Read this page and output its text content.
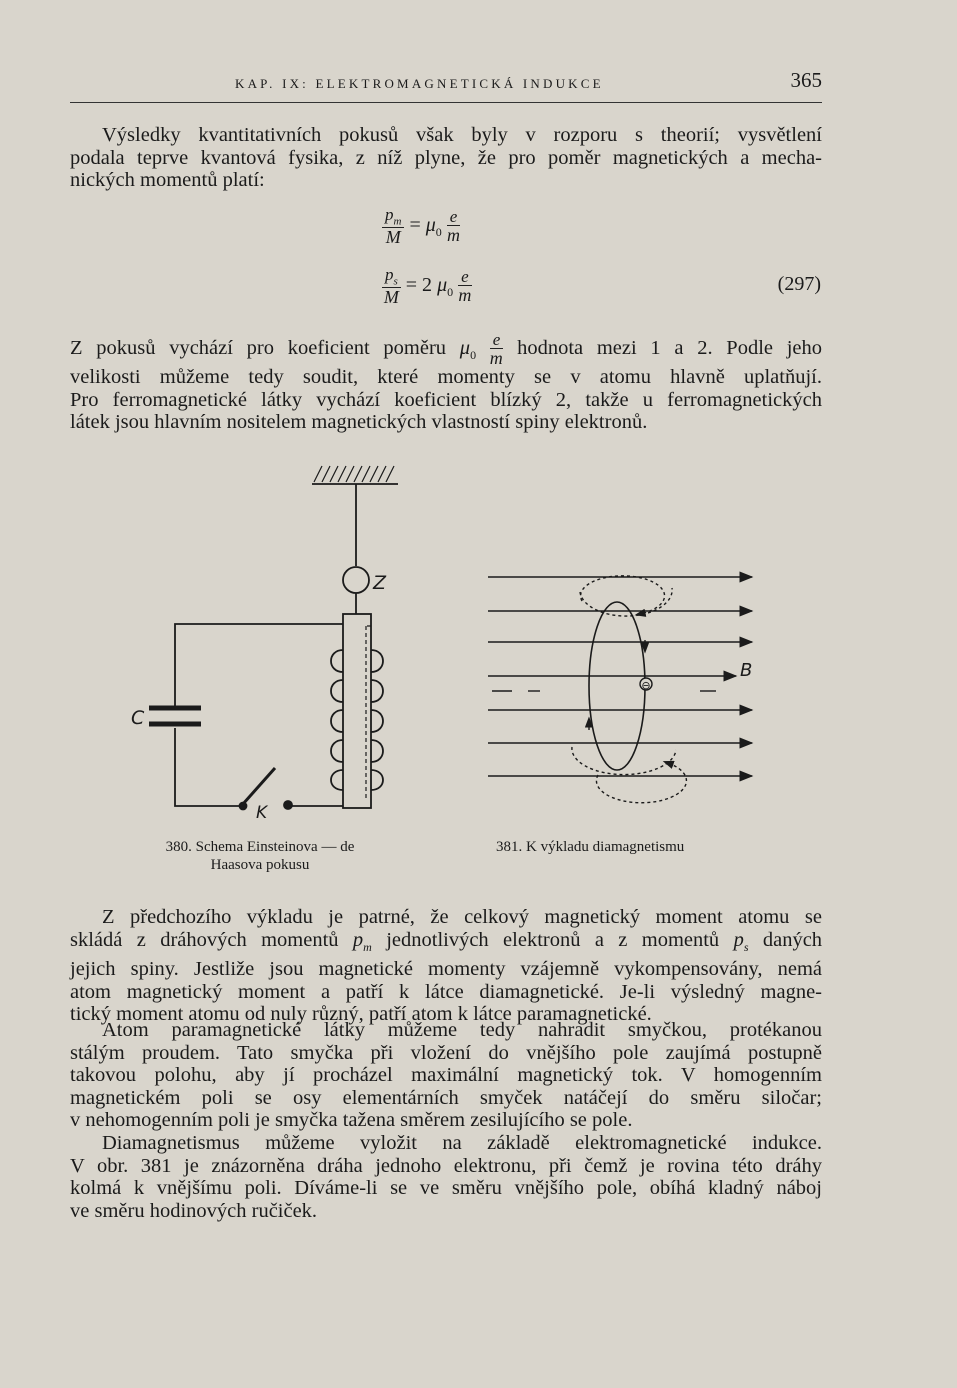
KAP. IX: ELEKTROMAGNETICKÁ INDUKCE	365
Výsledky kvantitativních pokusů však byly v rozporu s theorií; vysvětlení
podala teprve kvantová fysika, z níž plyne, že pro poměr magnetických a mecha-
nických momentů platí:
$\frac{p_m}{M} = \mu_0 \frac{e}{m}$
$\frac{p_s}{M} = 2$ $\mu_0 \frac{e}{m}$	(297)
Z pokusů vychází pro koeficient poměru $\mu_0 \frac{e}{m}$ hodnota mezi 1 a 2. Podle jeho
velikosti můžeme tedy soudit, které momenty se v atomu hlavně uplatňují.
Pro ferromagnetické látky vychází koeficient blízký 2, takže u ferromagnetických
látek jsou hlavním nositelem magnetických vlastností spiny elektronů.
Z
C
K
⊖
B
380. Schema Einsteinova — de
Haasova pokusu
381. K výkladu diamagnetismu
Z předchozího výkladu je patrné, že celkový magnetický moment atomu se
skládá z dráhových momentů $p_m$ jednotlivých elektronů a z momentů $p_s$ daných
jejich spiny. Jestliže jsou magnetické momenty vzájemně vykompensovány, nemá
atom magnetický moment a patří k látce diamagnetické. Je-li výsledný magne-
tický moment atomu od nuly různý, patří atom k látce paramagnetické.
Atom paramagnetické látky můžeme tedy nahradit smyčkou, protékanou
stálým proudem. Tato smyčka při vložení do vnějšího pole zaujímá postupně
takovou polohu, aby jí procházel maximální magnetický tok. V homogenním
magnetickém poli se osy elementárních smyček natáčejí do směru siločar;
v nehomogenním poli je smyčka tažena směrem zesilujícího se pole.
Diamagnetismus můžeme vyložit na základě elektromagnetické indukce.
V obr. 381 je znázorněna dráha jednoho elektronu, při čemž je rovina této dráhy
kolmá k vnějšímu poli. Díváme-li se ve směru vnějšího pole, obíhá kladný náboj
ve směru hodinových ručiček.
